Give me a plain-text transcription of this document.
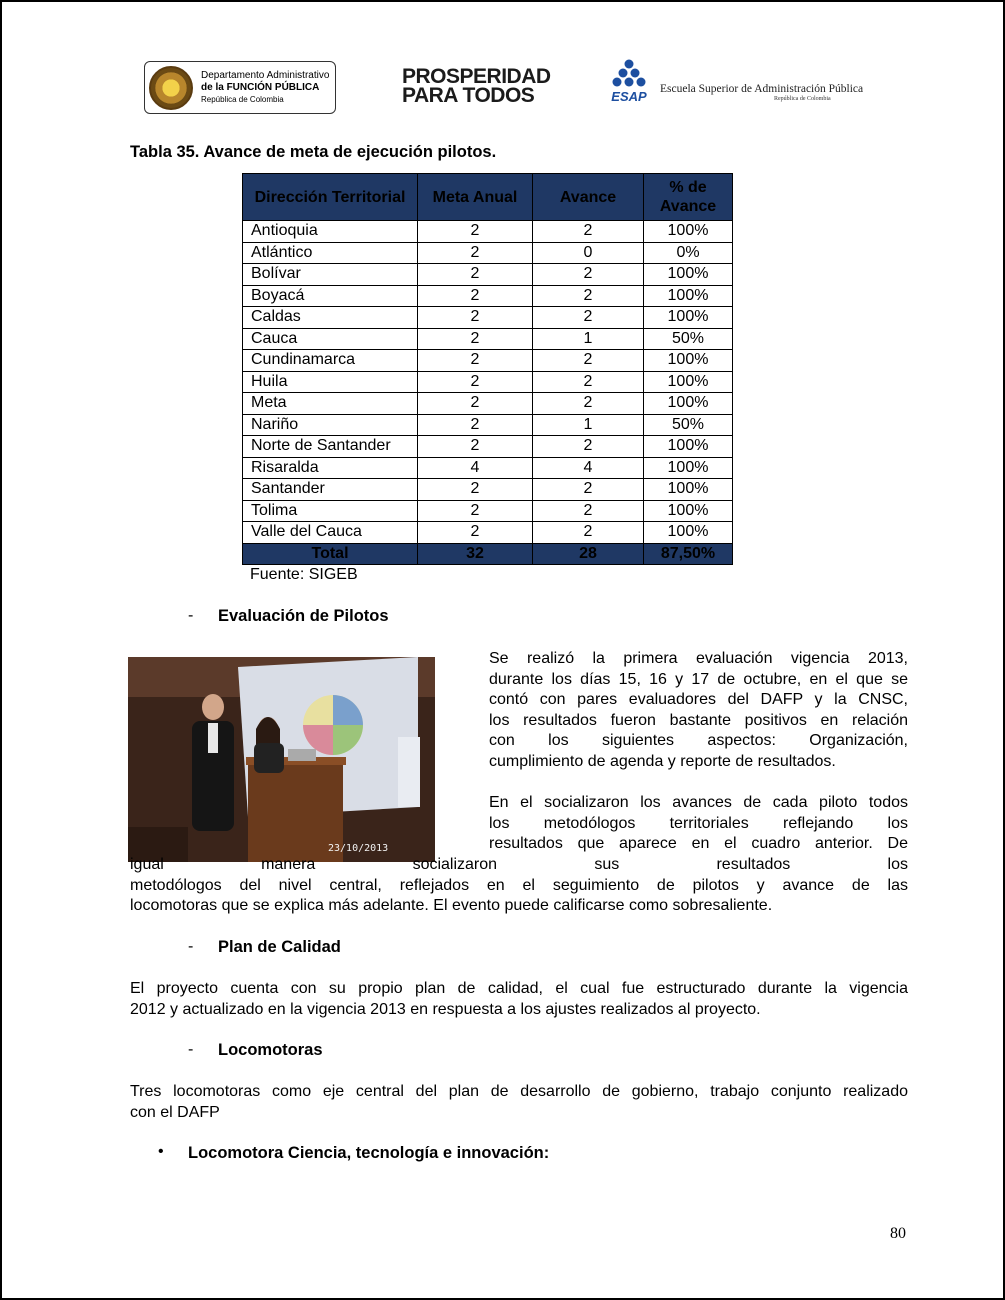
Departamento Administrativo
de la FUNCIÓN PÚBLICA
República de Colombia
PROSPERIDAD
PARA TODOS	ESAP Escuela Superior de Administración Pública
República de Colombia
Tabla 35. Avance de meta de ejecución pilotos.
Dirección Territorial	Meta Anual	Avance	% de Avance
Antioquia	2	2	100%
Atlántico	2	0	0%
Bolívar	2	2	100%
Boyacá	2	2	100%
Caldas	2	2	100%
Cauca	2	1	50%
Cundinamarca	2	2	100%
Huila	2	2	100%
Meta	2	2	100%
Nariño	2	1	50%
Norte de Santander	2	2	100%
Risaralda	4	4	100%
Santander	2	2	100%
Tolima	2	2	100%
Valle del Cauca	2	2	100%
Total	32	28	87,50%
Fuente: SIGEB
- Evaluación de Pilotos
23/10/2013
Se realizó la primera evaluación vigencia 2013,
durante los días 15, 16 y 17 de octubre, en el que se
contó con pares evaluadores del DAFP y la CNSC,
los resultados fueron bastante positivos en relación
con los siguientes aspectos: Organización,
cumplimiento de agenda y reporte de resultados.
En el socializaron los avances de cada piloto todos
los metodólogos territoriales reflejando los
resultados que aparece en el cuadro anterior. De
igual manera socializaron sus resultados los
metodólogos del nivel central, reflejados en el seguimiento de pilotos y avance de las
locomotoras que se explica más adelante. El evento puede calificarse como sobresaliente.
- Plan de Calidad
El proyecto cuenta con su propio plan de calidad, el cual fue estructurado durante la vigencia
2012 y actualizado en la vigencia 2013 en respuesta a los ajustes realizados al proyecto.
- Locomotoras
Tres locomotoras como eje central del plan de desarrollo de gobierno, trabajo conjunto realizado
con el DAFP
• Locomotora Ciencia, tecnología e innovación:
80
